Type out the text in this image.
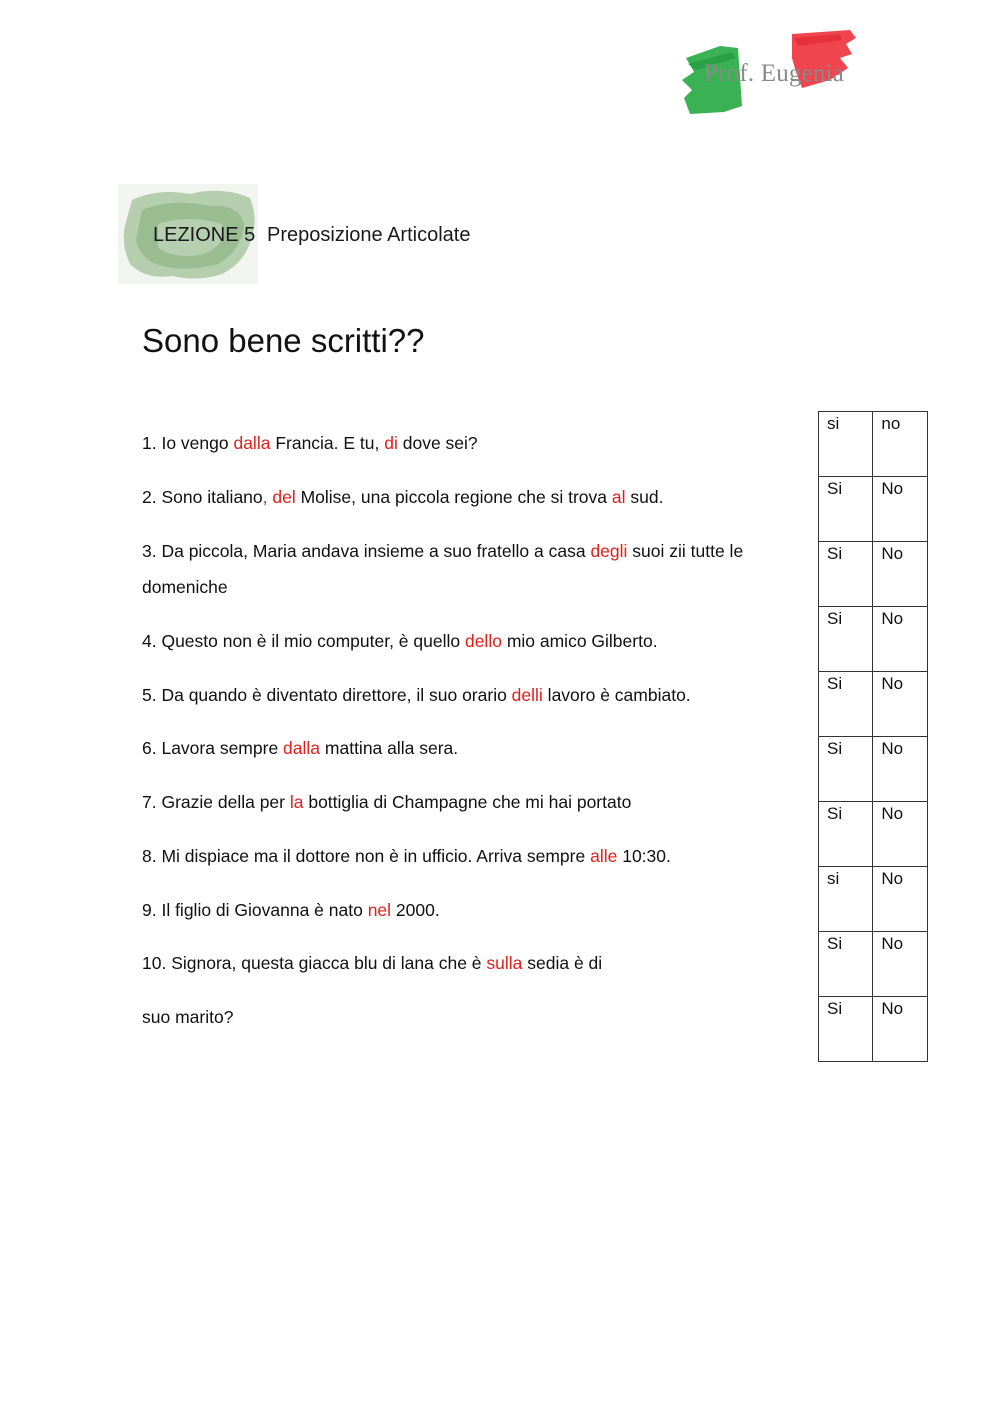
Prof. Eugenia
LEZIONE 5 Preposizione Articolate
Sono bene scritti??
1. Io vengo dalla Francia. E tu, di dove sei?
2. Sono italiano, del Molise, una piccola regione che si trova al sud.
3. Da piccola, Maria andava insieme a suo fratello a casa degli suoi zii tutte le
domeniche
4. Questo non è il mio computer, è quello dello mio amico Gilberto.
5. Da quando è diventato direttore, il suo orario delli lavoro è cambiato.
6. Lavora sempre dalla mattina alla sera.
7. Grazie della per la bottiglia di Champagne che mi hai portato
8. Mi dispiace ma il dottore non è in ufficio. Arriva sempre alle 10:30.
9. Il figlio di Giovanna è nato nel 2000.
10. Signora, questa giacca blu di lana che è sulla sedia è di
suo marito?
si	no
Si	No
Si	No
Si	No
Si	No
Si	No
Si	No
si	No
Si	No
Si	No
